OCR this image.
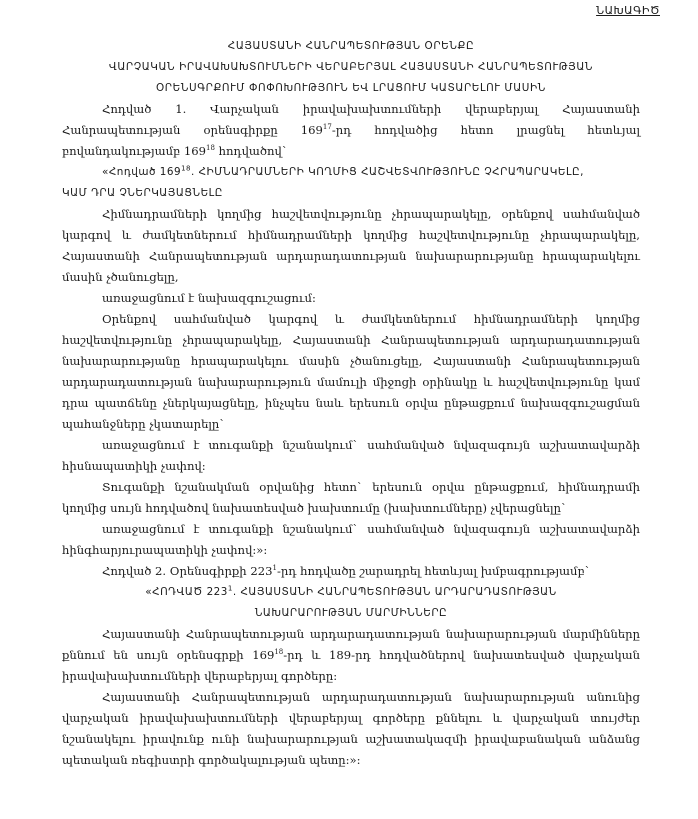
ՆԱԽԱԳԻԾ
ՀԱՅԱՍՏԱՆԻ ՀԱՆՐԱՊԵՏՈՒԹՅԱՆ ՕՐԵՆՔԸ
ՎԱՐՉԱԿԱՆ ԻՐԱՎԱԽԱԽՏՈՒՄՆԵՐԻ ՎԵՐԱԲԵՐՅԱԼ ՀԱՅԱՍՏԱՆԻ ՀԱՆՐԱՊԵՏՈՒԹՅԱՆ
ՕՐԵՆՍԳՐՔՈՒՄ ՓՈՓՈԽՈՒԹՅՈՒՆ ԵՎ ԼՐԱՑՈՒՄ ԿԱՏԱՐԵԼՈՒ ՄԱՍԻՆ

Հոդված 1. Վարչական իրավախախտումների վերաբերյալ Հայաստանի Հանրապետության օրենսգիրքը $169^{17}-րդ$ հոդվածից հետո լրացնել հետևյալ բովանդակությամբ $169^{18}$ հոդվածով՝

«Հոդված $169^{18}$. ՀԻՄՆԱԴՐԱՄՆԵՐԻ ԿՈՂՄԻՑ ՀԱՇՎԵՏՎՈՒԹՅՈՒՆԸ ՉՀՐԱՊԱՐԱԿԵԼԸ,
ԿԱՄ ԴՐԱ ՉՆԵՐԿԱՅԱՑՆԵԼԸ

Հիմնադրամների կողմից հաշվետվությունը չհրապարակելը, օրենքով սահմանված կարգով և ժամկետներում հիմնադրամների կողմից հաշվետվությունը չհրապարակելը, Հայաստանի Հանրապետության արդարադատության նախարարությանը հրապարակելու մասին չծանուցելը,

առաջացնում է նախազգուշացում:

Օրենքով սահմանված կարգով և ժամկետներում հիմնադրամների կողմից հաշվետվությունը չհրապարակելը, Հայաստանի Հանրապետության արդարադատության նախարարությանը հրապարակելու մասին չծանուցելը, Հայաստանի Հանրապետության արդարադատության նախարարություն մամուլի միջոցի օրինակը և հաշվետվությունը կամ դրա պատճենը չներկայացնելը, ինչպես նաև երեսուն օրվա ընթացքում նախազգուշացման պահանջները չկատարելը`

առաջացնում է տուգանքի նշանակում` սահմանված նվազագույն աշխատավարձի հիսնապատիկի չափով:

Տուգանքի նշանակման օրվանից հետո` երեսուն օրվա ընթացքում, հիմնադրամի կողմից սույն հոդվածով նախատեսված խախտումը (խախտումները) չվերացնելը`

առաջացնում է տուգանքի նշանակում` սահմանված նվազագույն աշխատավարձի հինգհարյուրապատիկի չափով:»:

Հոդված 2. Օրենսգիրքի $223^1-րդ$ հոդվածը շարադրել հետևյալ խմբագրությամբ`

«ՀՈԴՎԱԾ $223^1$. ՀԱՅԱՍՏԱՆԻ ՀԱՆՐԱՊԵՏՈՒԹՅԱՆ ԱՐԴԱՐԱԴԱՏՈՒԹՅԱՆ

ՆԱԽԱՐԱՐՈՒԹՅԱՆ ՄԱՐՄԻՆՆԵՐԸ

Հայաստանի Հանրապետության արդարադատության նախարարության մարմինները քննում են սույն օրենսգրքի $169^{18}-րդ$ և 189-րդ հոդվածներով նախատեսված վարչական իրավախախտումների վերաբերյալ գործերը:

Հայաստանի Հանրապետության արդարադատության նախարարության անունից վարչական իրավախախտումների վերաբերյալ գործերը քննելու և վարչական տույժեր նշանակելու իրավունք ունի նախարարության աշխատակազմի իրավաբանական անձանց պետական ռեգիստրի գործակալության պետը:»:
